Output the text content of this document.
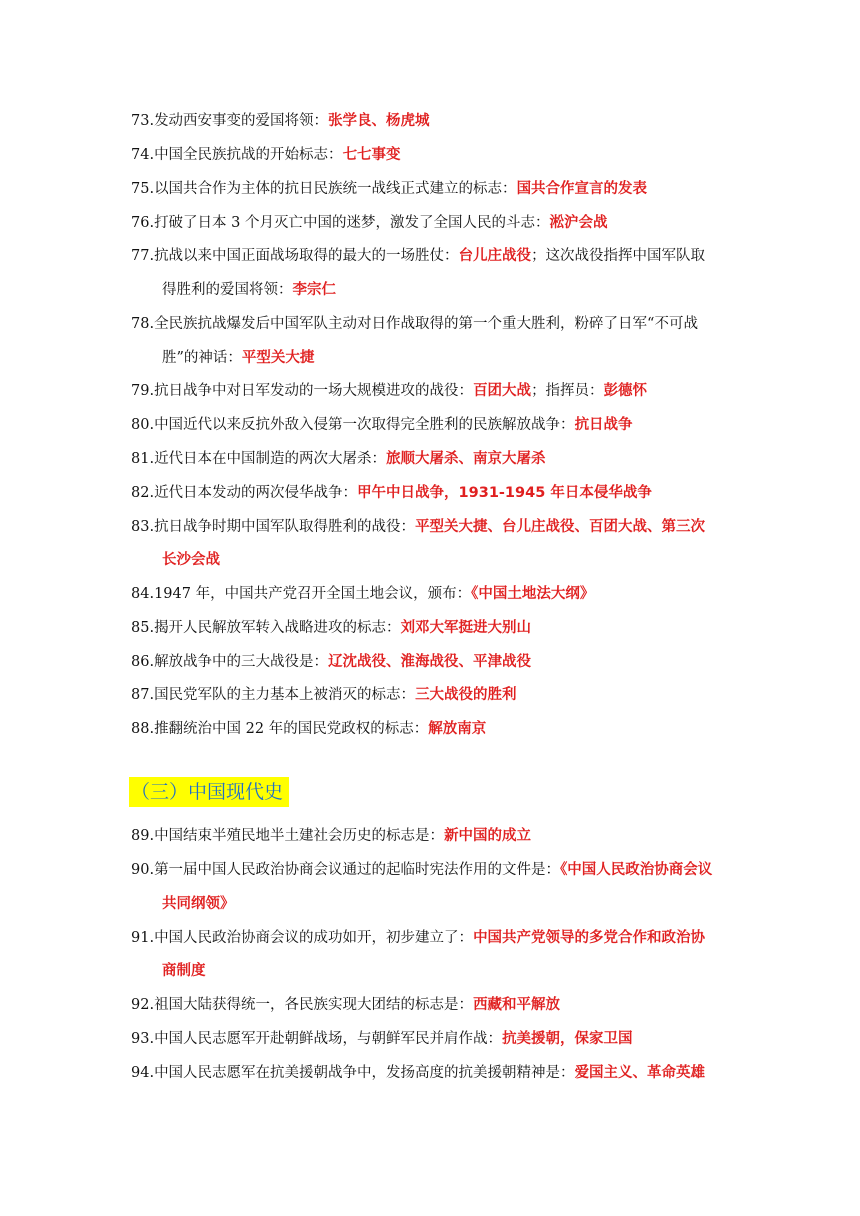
73.发动西安事变的爱国将领：张学良、杨虎城
74.中国全民族抗战的开始标志：七七事变
75.以国共合作为主体的抗日民族统一战线正式建立的标志：国共合作宣言的发表
76.打破了日本 3 个月灭亡中国的迷梦，激发了全国人民的斗志：淞沪会战
77.抗战以来中国正面战场取得的最大的一场胜仗：台儿庄战役；这次战役指挥中国军队取
得胜利的爱国将领：李宗仁
78.全民族抗战爆发后中国军队主动对日作战取得的第一个重大胜利，粉碎了日军“不可战
胜”的神话：平型关大捷
79.抗日战争中对日军发动的一场大规模进攻的战役：百团大战；指挥员：彭德怀
80.中国近代以来反抗外敌入侵第一次取得完全胜利的民族解放战争：抗日战争
81.近代日本在中国制造的两次大屠杀：旅顺大屠杀、南京大屠杀
82.近代日本发动的两次侵华战争：甲午中日战争，1931-1945 年日本侵华战争
83.抗日战争时期中国军队取得胜利的战役：平型关大捷、台儿庄战役、百团大战、第三次
长沙会战
84.1947 年，中国共产党召开全国土地会议，颁布：《中国土地法大纲》
85.揭开人民解放军转入战略进攻的标志：刘邓大军挺进大别山
86.解放战争中的三大战役是：辽沈战役、淮海战役、平津战役
87.国民党军队的主力基本上被消灭的标志：三大战役的胜利
88.推翻统治中国 22 年的国民党政权的标志：解放南京
（三）中国现代史
89.中国结束半殖民地半土建社会历史的标志是：新中国的成立
90.第一届中国人民政治协商会议通过的起临时宪法作用的文件是：《中国人民政治协商会议
共同纲领》
91.中国人民政治协商会议的成功如开，初步建立了：中国共产党领导的多党合作和政治协
商制度
92.祖国大陆获得统一，各民族实现大团结的标志是：西藏和平解放
93.中国人民志愿军开赴朝鲜战场，与朝鲜军民并肩作战：抗美援朝，保家卫国
94.中国人民志愿军在抗美援朝战争中，发扬高度的抗美援朝精神是：爱国主义、革命英雄
